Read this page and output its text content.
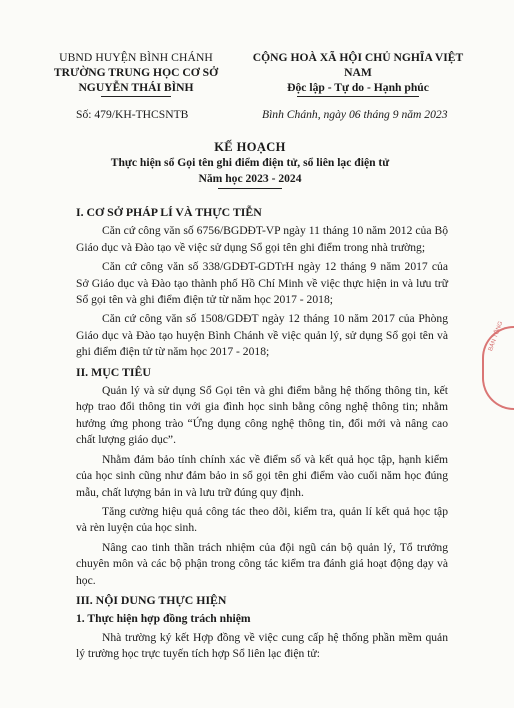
UBND HUYỆN BÌNH CHÁNH
TRƯỜNG TRUNG HỌC CƠ SỞ
NGUYỄN THÁI BÌNH
CỘNG HOÀ XÃ HỘI CHỦ NGHĨA VIỆT NAM
Độc lập - Tự do - Hạnh phúc
Số: 479/KH-THCSNTB	Bình Chánh, ngày 06 tháng 9 năm 2023
KẾ HOẠCH
Thực hiện sổ Gọi tên ghi điểm điện tử, sổ liên lạc điện tử
Năm học 2023 - 2024

I. CƠ SỞ PHÁP LÍ VÀ THỰC TIỄN

Căn cứ công văn số 6756/BGDĐT-VP ngày 11 tháng 10 năm 2012 của Bộ Giáo dục và Đào tạo về việc sử dụng Sổ gọi tên ghi điểm trong nhà trường;

Căn cứ công văn số 338/GDĐT-GDTrH ngày 12 tháng 9 năm 2017 của Sở Giáo dục và Đào tạo thành phố Hồ Chí Minh về việc thực hiện in và lưu trữ Sổ gọi tên và ghi điểm điện tử từ năm học 2017 - 2018;

Căn cứ công văn số 1508/GDĐT ngày 12 tháng 10 năm 2017 của Phòng Giáo dục và Đào tạo huyện Bình Chánh về việc quản lý, sử dụng Sổ gọi tên và ghi điểm điện tử từ năm học 2017 - 2018;

II. MỤC TIÊU

Quản lý và sử dụng Sổ Gọi tên và ghi điểm bằng hệ thống thông tin, kết hợp trao đổi thông tin với gia đình học sinh bằng công nghệ thông tin; nhằm hưởng ứng phong trào “Ứng dụng công nghệ thông tin, đổi mới và nâng cao chất lượng giáo dục”.

Nhằm đảm bảo tính chính xác về điểm số và kết quả học tập, hạnh kiểm của học sinh cũng như đảm bảo in sổ gọi tên ghi điểm vào cuối năm học đúng mẫu, chất lượng bản in và lưu trữ đúng quy định.

Tăng cường hiệu quả công tác theo dõi, kiểm tra, quản lí kết quả học tập và rèn luyện của học sinh.

Nâng cao tinh thần trách nhiệm của đội ngũ cán bộ quản lý, Tổ trưởng chuyên môn và các bộ phận trong công tác kiểm tra đánh giá hoạt động dạy và học.

III. NỘI DUNG THỰC HIỆN

1. Thực hiện hợp đồng trách nhiệm

Nhà trường ký kết Hợp đồng về việc cung cấp hệ thống phần mềm quản lý trường học trực tuyến tích hợp Sổ liên lạc điện tử:

BÁN TỔNG
